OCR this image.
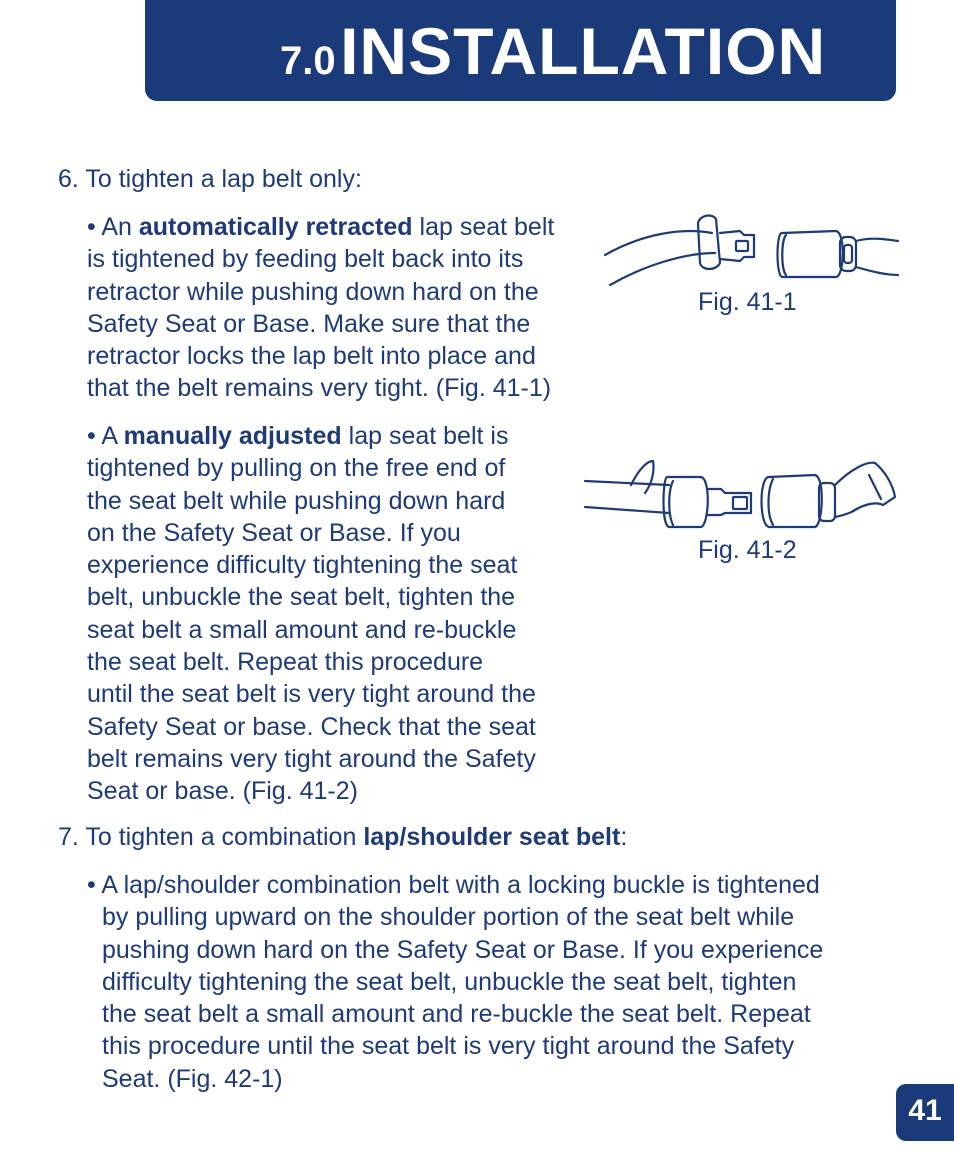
7.0 INSTALLATION

6. To tighten a lap belt only:

• An automatically retracted lap seat belt
is tightened by feeding belt back into its
retractor while pushing down hard on the
Safety Seat or Base. Make sure that the
retractor locks the lap belt into place and
that the belt remains very tight. (Fig. 41-1)
• A manually adjusted lap seat belt is
tightened by pulling on the free end of
the seat belt while pushing down hard
on the Safety Seat or Base. If you
experience difficulty tightening the seat
belt, unbuckle the seat belt, tighten the
seat belt a small amount and re-buckle
the seat belt. Repeat this procedure
until the seat belt is very tight around the
Safety Seat or base. Check that the seat
belt remains very tight around the Safety
Seat or base. (Fig. 41-2)
Fig. 41-1
Fig. 41-2

7. To tighten a combination lap/shoulder seat belt:

• A lap/shoulder combination belt with a locking buckle is tightened
by pulling upward on the shoulder portion of the seat belt while
pushing down hard on the Safety Seat or Base. If you experience
difficulty tightening the seat belt, unbuckle the seat belt, tighten
the seat belt a small amount and re-buckle the seat belt. Repeat
this procedure until the seat belt is very tight around the Safety
Seat. (Fig. 42-1)
41
